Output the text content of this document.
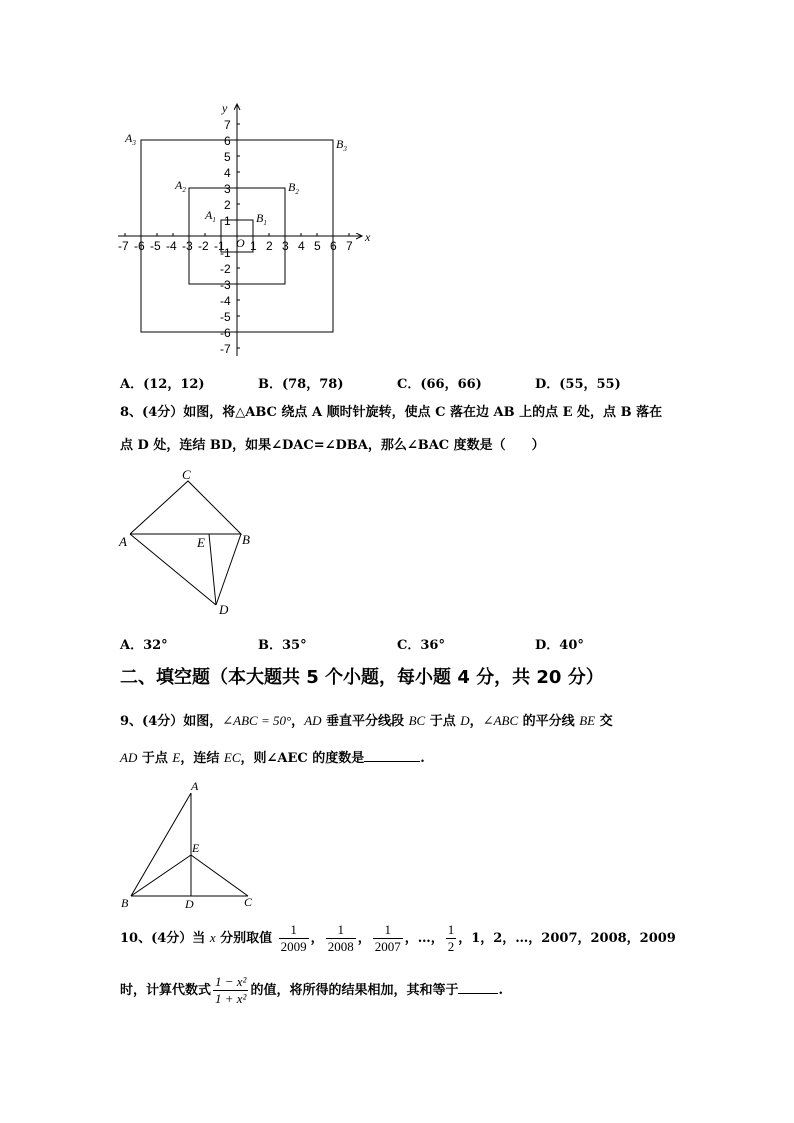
x
y
-7 -6 -5 -4 -3 -2 -1 1 2 3 4 5 6 7
7
6
5
4
3
2
1
-1
-2
-3
-4
-5
-6
-7
O
$A_1$	$B_1$
$A_2$	$B_2$
$A_3$	$B_3$
A．(12，12)	B．(78，78)	C．(66，66)	D．(55，55)
8、(4分）如图，将△ABC 绕点 A 顺时针旋转，使点 C 落在边 AB 上的点 E 处，点 B 落在
点 D 处，连结 BD，如果∠DAC=∠DBA，那么∠BAC 度数是（　　）
C
A	E	B
D
A．32°	B．35°	C．36°	D．40°
二、填空题（本大题共 5 个小题，每小题 4 分，共 20 分）
9、(4分）如图，∠ABC = 50°，AD 垂直平分线段 BC 于点 D，∠ABC 的平分线 BE 交
AD 于点 E，连结 EC，则∠AEC 的度数是	.
A
E
B	D	C
10、(4分）当 x 分别取值 $\frac{1}{2009}$ ， $\frac{1}{2008}$ ， $\frac{1}{2007}$ ，…， $\frac{1}{2}$ ，1，2，…，2007，2008，2009
时，计算代数式 $\frac{\text{1 − x²}}{\text{1 + x²}}$ 的值，将所得的结果相加，其和等于	.
